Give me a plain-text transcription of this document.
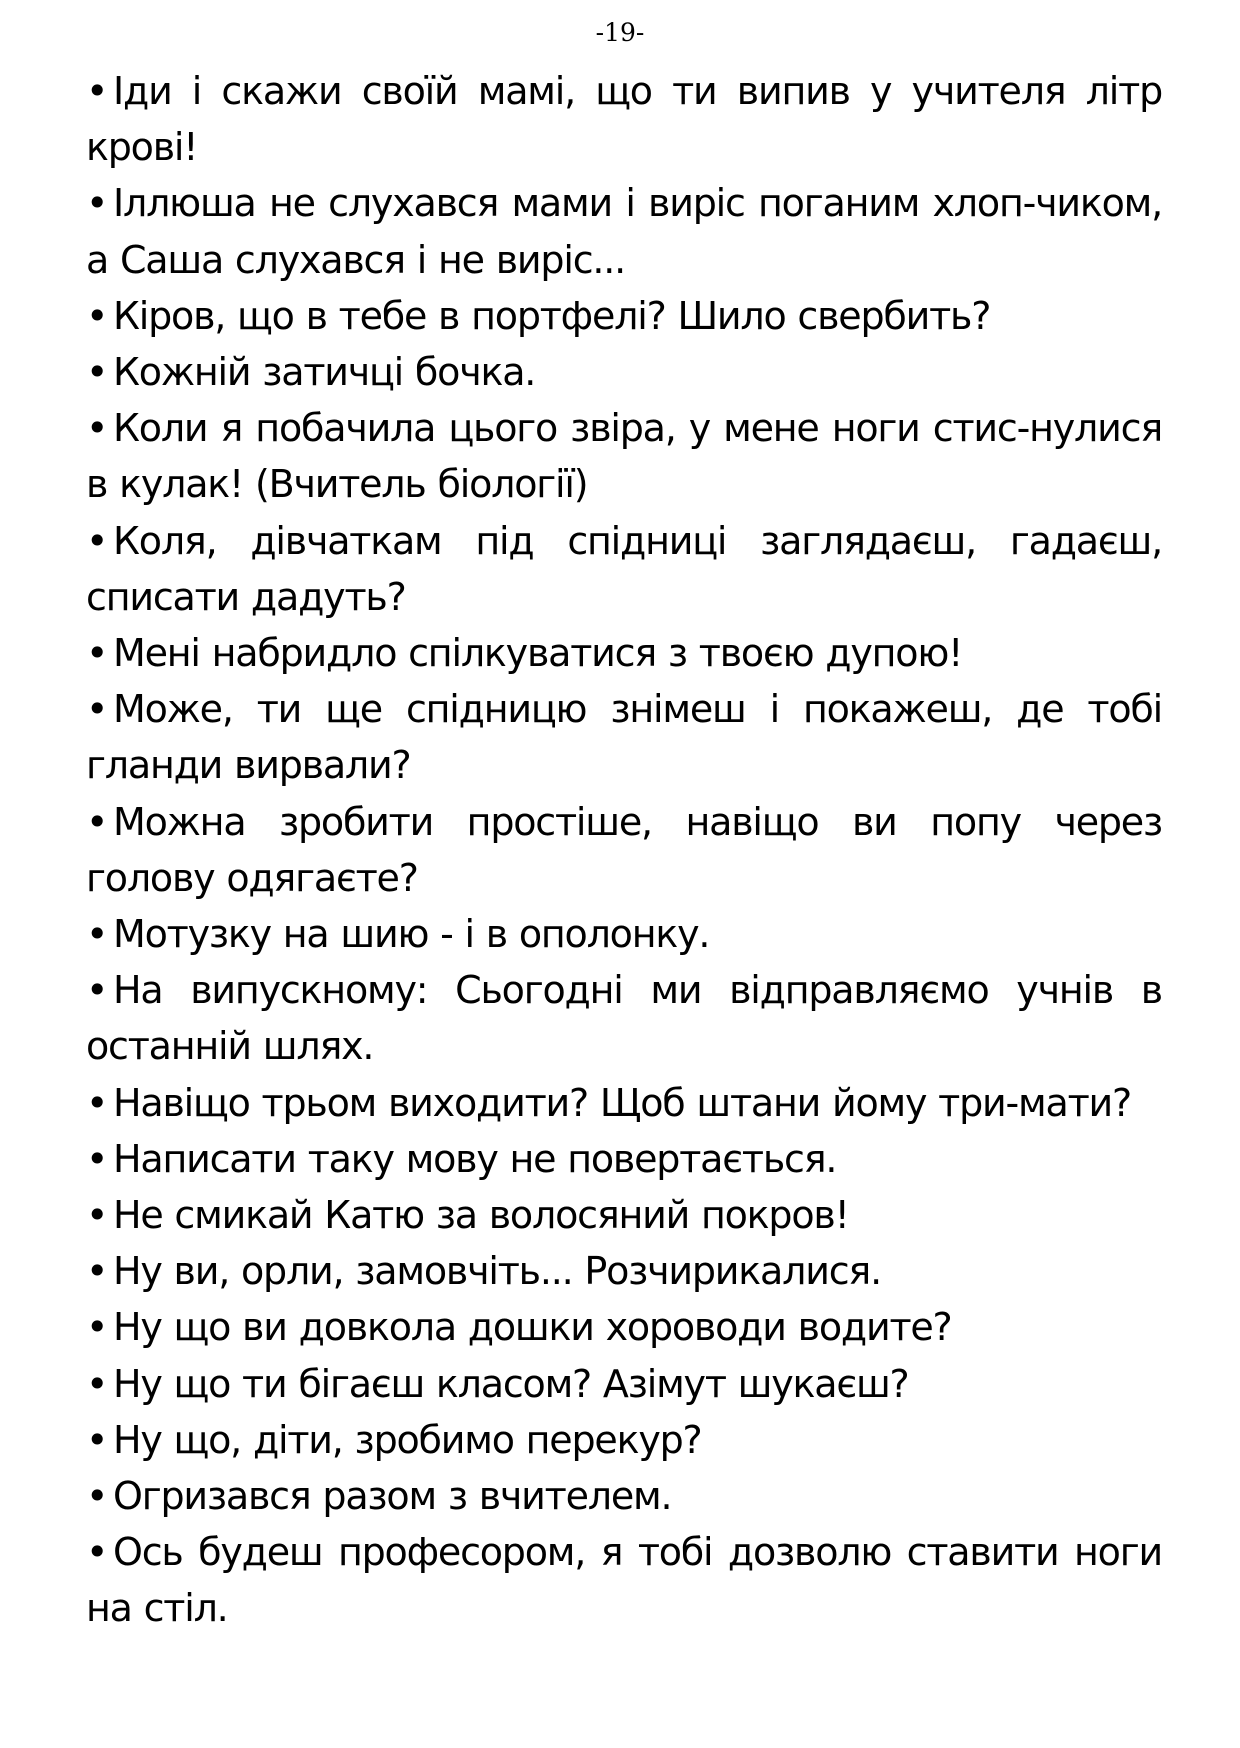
-19-
• Іди і скажи своїй мамі, що ти випив у учителя літр крові!
• Іллюша не слухався мами і виріс поганим хлоп-чиком, а Саша слухався і не виріс...
• Кіров, що в тебе в портфелі? Шило свербить?
• Кожній затичці бочка.
• Коли я побачила цього звіра, у мене ноги стис-нулися в кулак! (Вчитель біології)
• Коля, дівчаткам під спідниці заглядаєш, гадаєш, списати дадуть?
• Мені набридло спілкуватися з твоєю дупою!
• Може, ти ще спідницю знімеш і покажеш, де тобі гланди вирвали?
• Можна зробити простіше, навіщо ви попу через голову одягаєте?
• Мотузку на шию - і в ополонку.
• На випускному: Сьогодні ми відправляємо учнів в останній шлях.
• Навіщо трьом виходити? Щоб штани йому три-мати?
• Написати таку мову не повертається.
• Не смикай Катю за волосяний покров!
• Ну ви, орли, замовчіть... Розчирикалися.
• Ну що ви довкола дошки хороводи водите?
• Ну що ти бігаєш класом? Азімут шукаєш?
• Ну що, діти, зробимо перекур?
• Огризався разом з вчителем.
• Ось будеш професором, я тобі дозволю ставити ноги на стіл.
